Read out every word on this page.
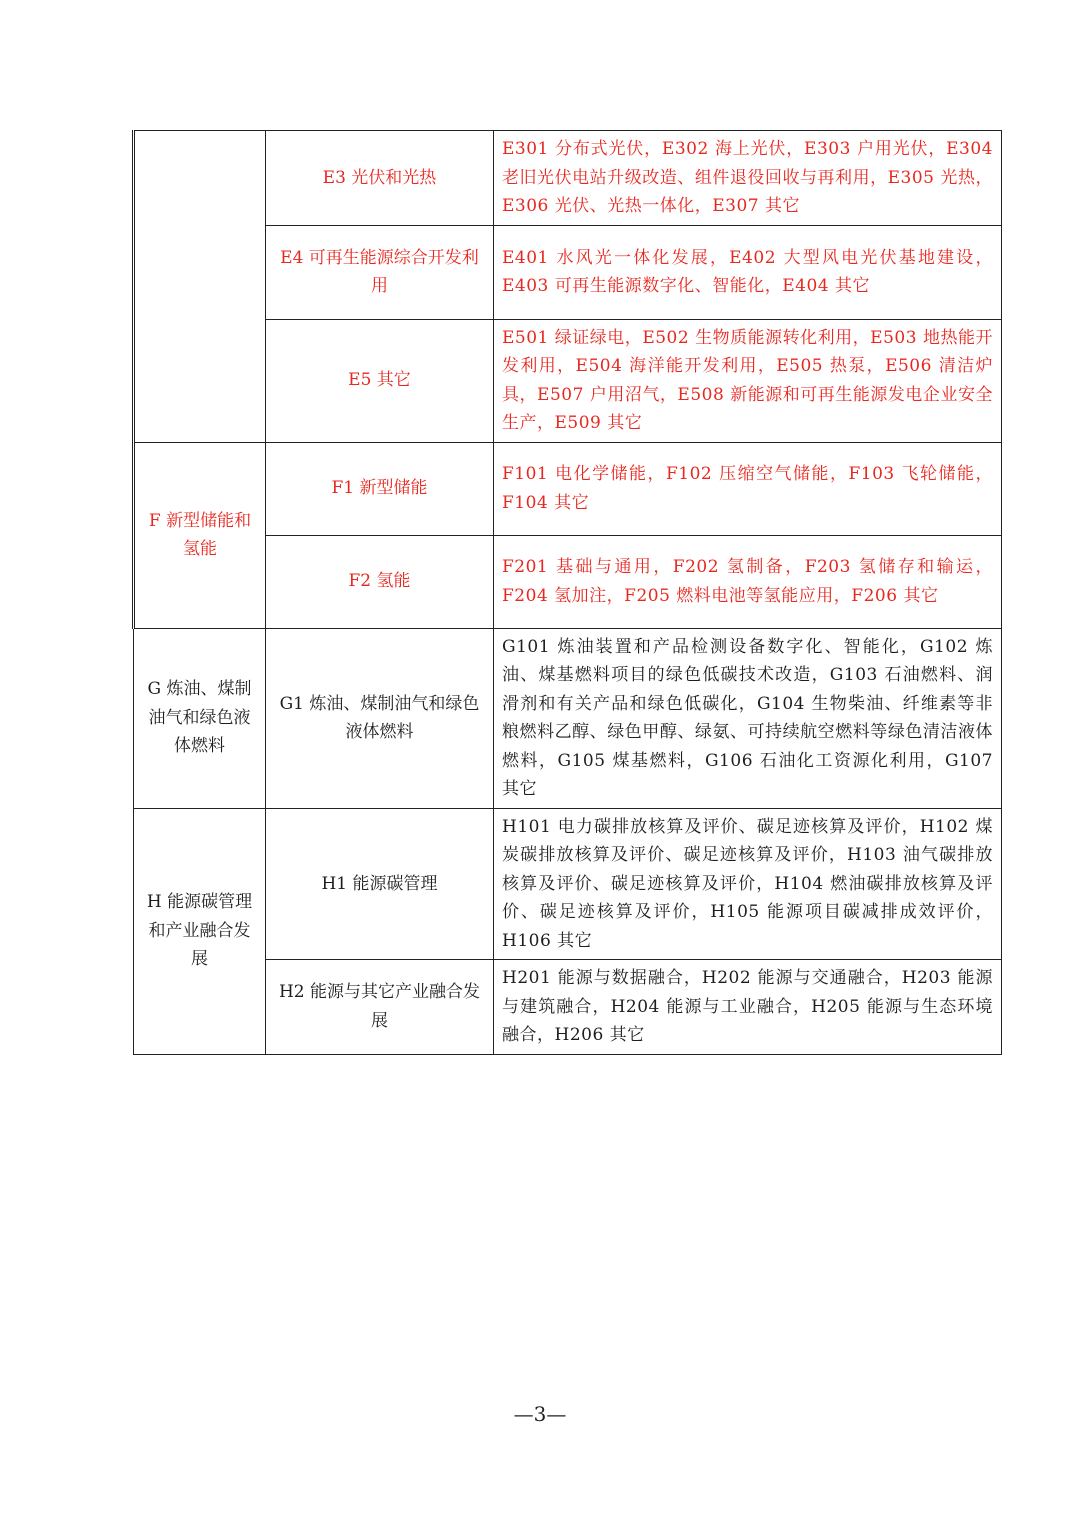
	E3 光伏和光热	E301 分布式光伏，E302 海上光伏，E303 户用光伏，E304 老旧光伏电站升级改造、组件退役回收与再利用，E305 光热，E306 光伏、光热一体化，E307 其它
	E4 可再生能源综合开发利用	E401 水风光一体化发展，E402 大型风电光伏基地建设，E403 可再生能源数字化、智能化，E404 其它
	E5 其它	E501 绿证绿电，E502 生物质能源转化利用，E503 地热能开发利用，E504 海洋能开发利用，E505 热泵，E506 清洁炉具，E507 户用沼气，E508 新能源和可再生能源发电企业安全生产，E509 其它
F 新型储能和氢能	F1 新型储能	F101 电化学储能，F102 压缩空气储能，F103 飞轮储能，F104 其它
	F2 氢能	F201 基础与通用，F202 氢制备，F203 氢储存和输运，F204 氢加注，F205 燃料电池等氢能应用，F206 其它
G 炼油、煤制油气和绿色液体燃料	G1 炼油、煤制油气和绿色液体燃料	G101 炼油装置和产品检测设备数字化、智能化，G102 炼油、煤基燃料项目的绿色低碳技术改造，G103 石油燃料、润滑剂和有关产品和绿色低碳化，G104 生物柴油、纤维素等非粮燃料乙醇、绿色甲醇、绿氨、可持续航空燃料等绿色清洁液体燃料，G105 煤基燃料，G106 石油化工资源化利用，G107 其它
H 能源碳管理和产业融合发展	H1 能源碳管理	H101 电力碳排放核算及评价、碳足迹核算及评价，H102 煤炭碳排放核算及评价、碳足迹核算及评价，H103 油气碳排放核算及评价、碳足迹核算及评价，H104 燃油碳排放核算及评价、碳足迹核算及评价，H105 能源项目碳减排成效评价，H106 其它
	H2 能源与其它产业融合发展	H201 能源与数据融合，H202 能源与交通融合，H203 能源与建筑融合，H204 能源与工业融合，H205 能源与生态环境融合，H206 其它
—3—
